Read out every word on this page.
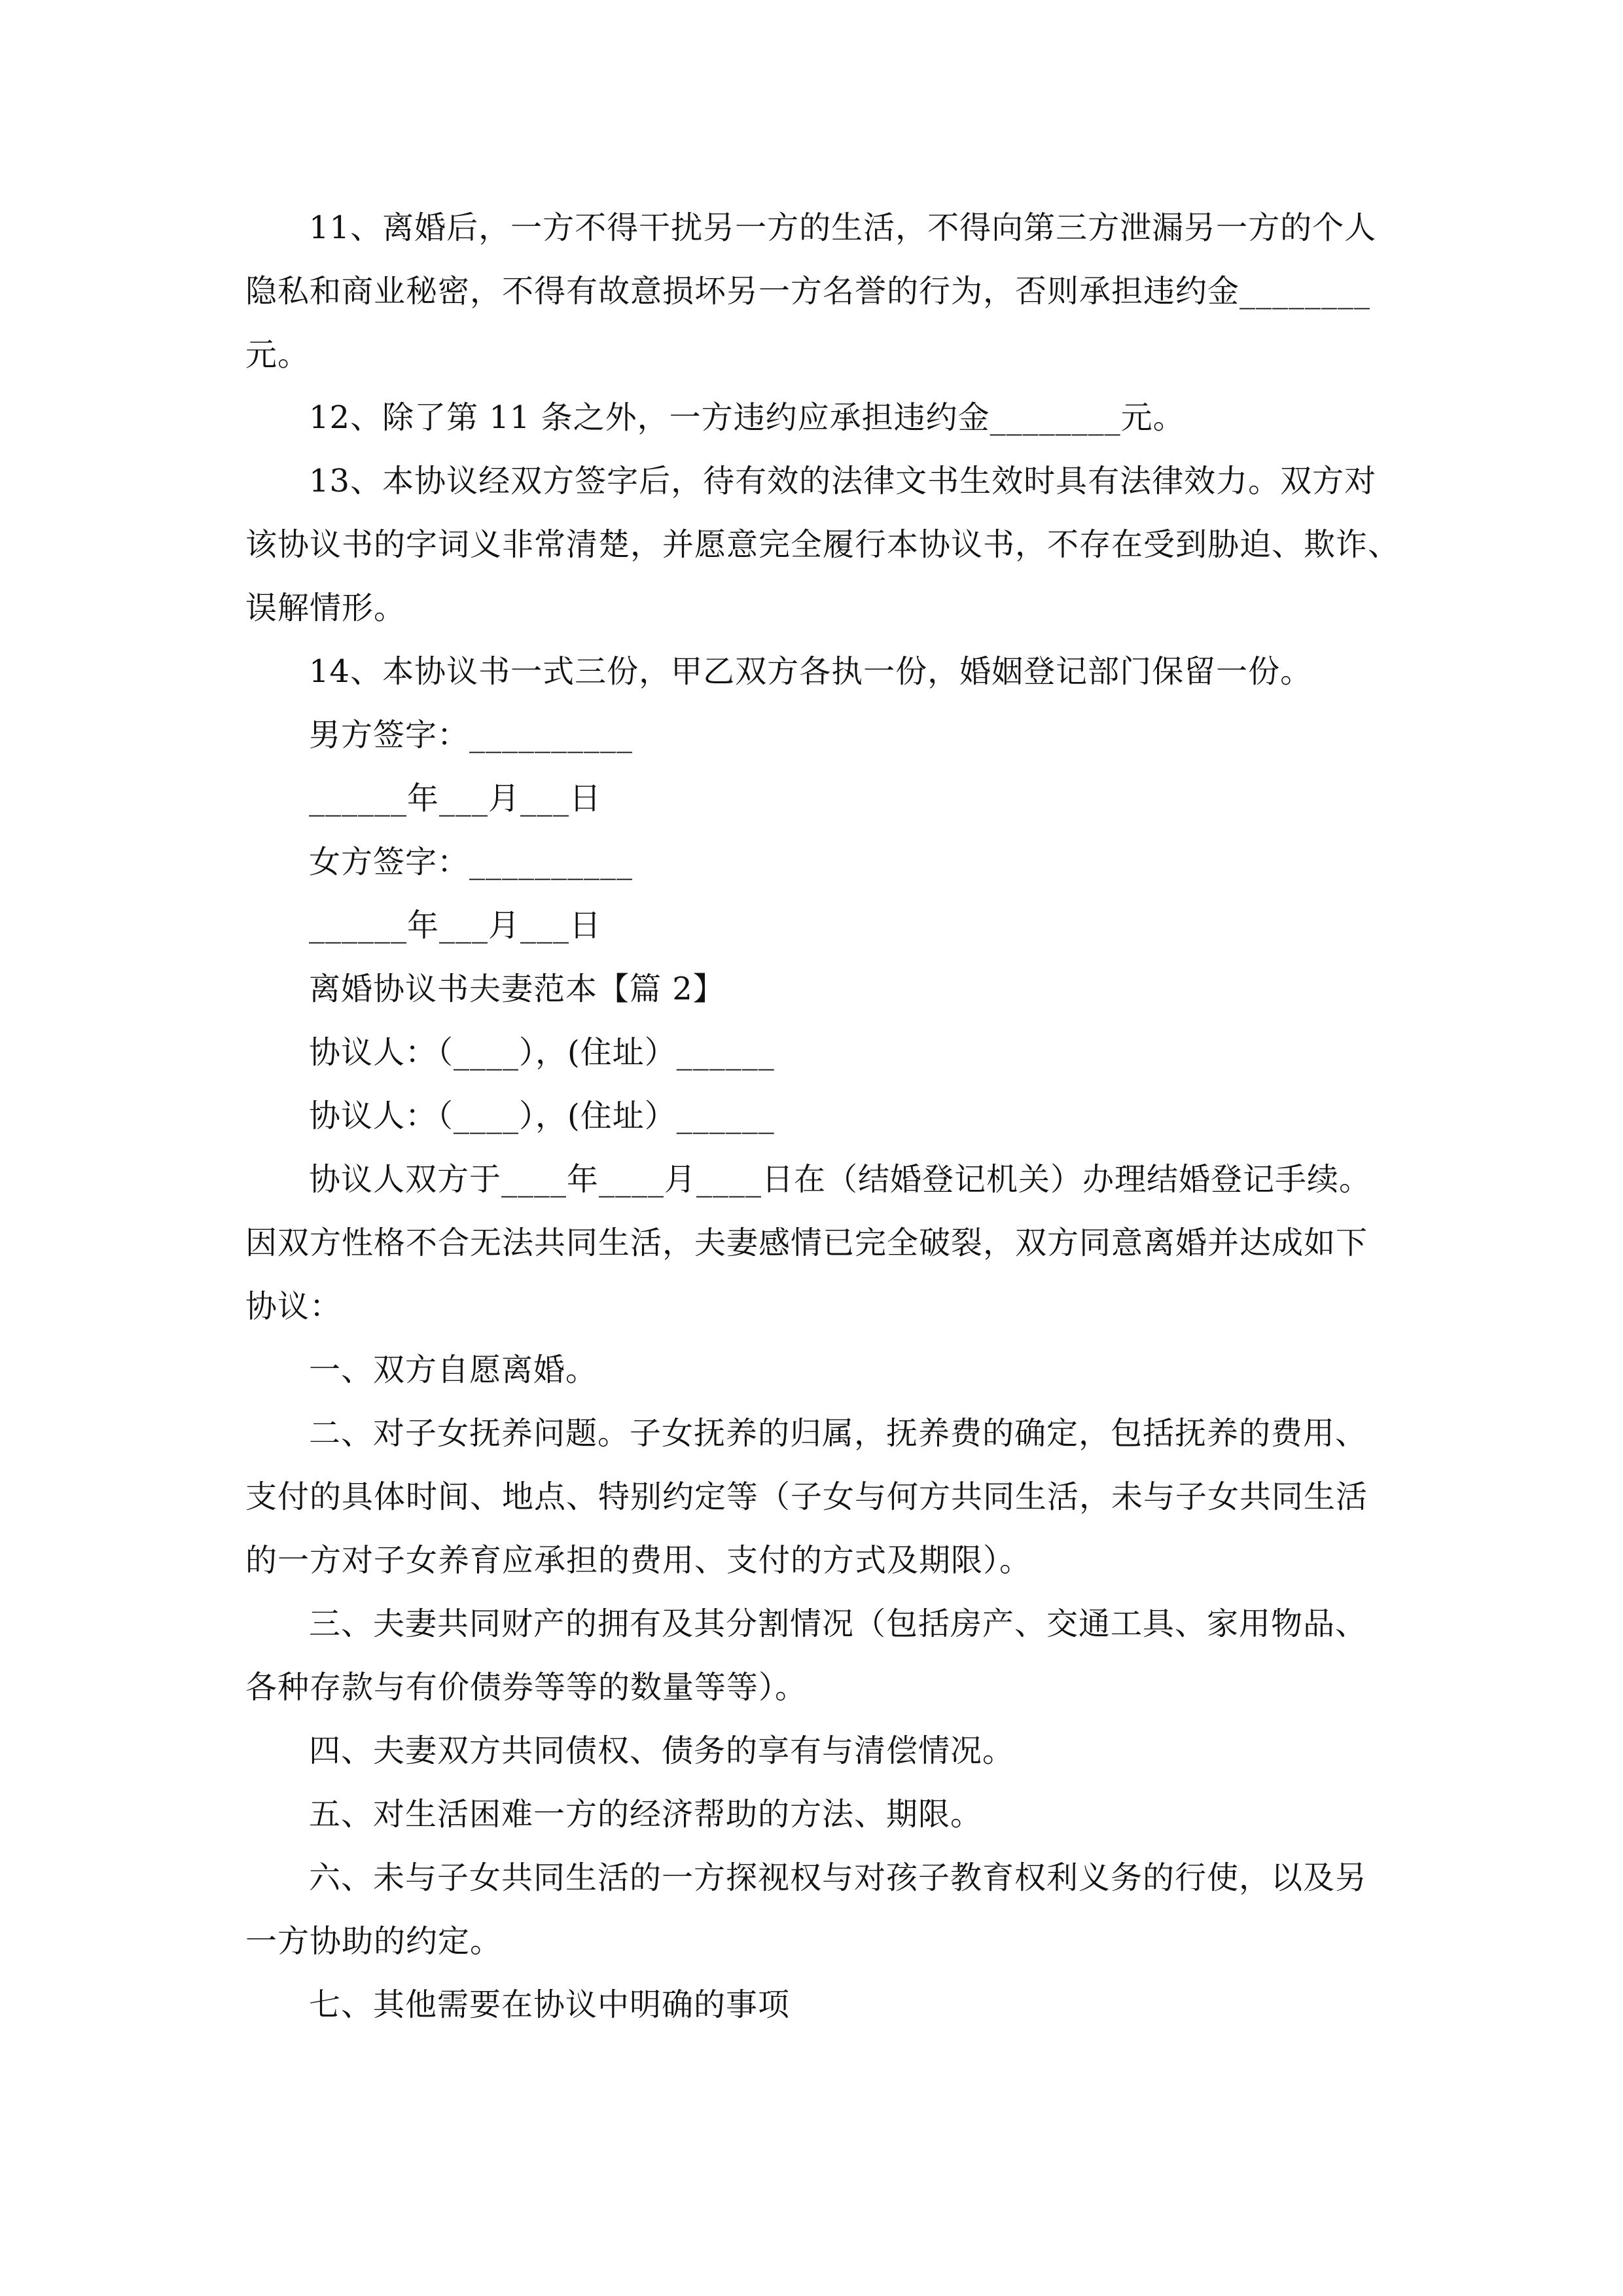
11、离婚后，一方不得干扰另一方的生活，不得向第三方泄漏另一方的个人
隐私和商业秘密，不得有故意损坏另一方名誉的行为，否则承担违约金________
元。
12、除了第 11 条之外，一方违约应承担违约金________元。
13、本协议经双方签字后，待有效的法律文书生效时具有法律效力。双方对
该协议书的字词义非常清楚，并愿意完全履行本协议书，不存在受到胁迫、欺诈、
误解情形。
14、本协议书一式三份，甲乙双方各执一份，婚姻登记部门保留一份。
男方签字：__________
______年___月___日
女方签字：__________
______年___月___日
离婚协议书夫妻范本【篇 2】
协议人：（____），(住址）______
协议人：（____），(住址）______
协议人双方于____年____月____日在（结婚登记机关）办理结婚登记手续。
因双方性格不合无法共同生活，夫妻感情已完全破裂，双方同意离婚并达成如下
协议：
一、双方自愿离婚。
二、对子女抚养问题。子女抚养的归属，抚养费的确定，包括抚养的费用、
支付的具体时间、地点、特别约定等（子女与何方共同生活，未与子女共同生活
的一方对子女养育应承担的费用、支付的方式及期限）。
三、夫妻共同财产的拥有及其分割情况（包括房产、交通工具、家用物品、
各种存款与有价债券等等的数量等等）。
四、夫妻双方共同债权、债务的享有与清偿情况。
五、对生活困难一方的经济帮助的方法、期限。
六、未与子女共同生活的一方探视权与对孩子教育权利义务的行使，以及另
一方协助的约定。
七、其他需要在协议中明确的事项
